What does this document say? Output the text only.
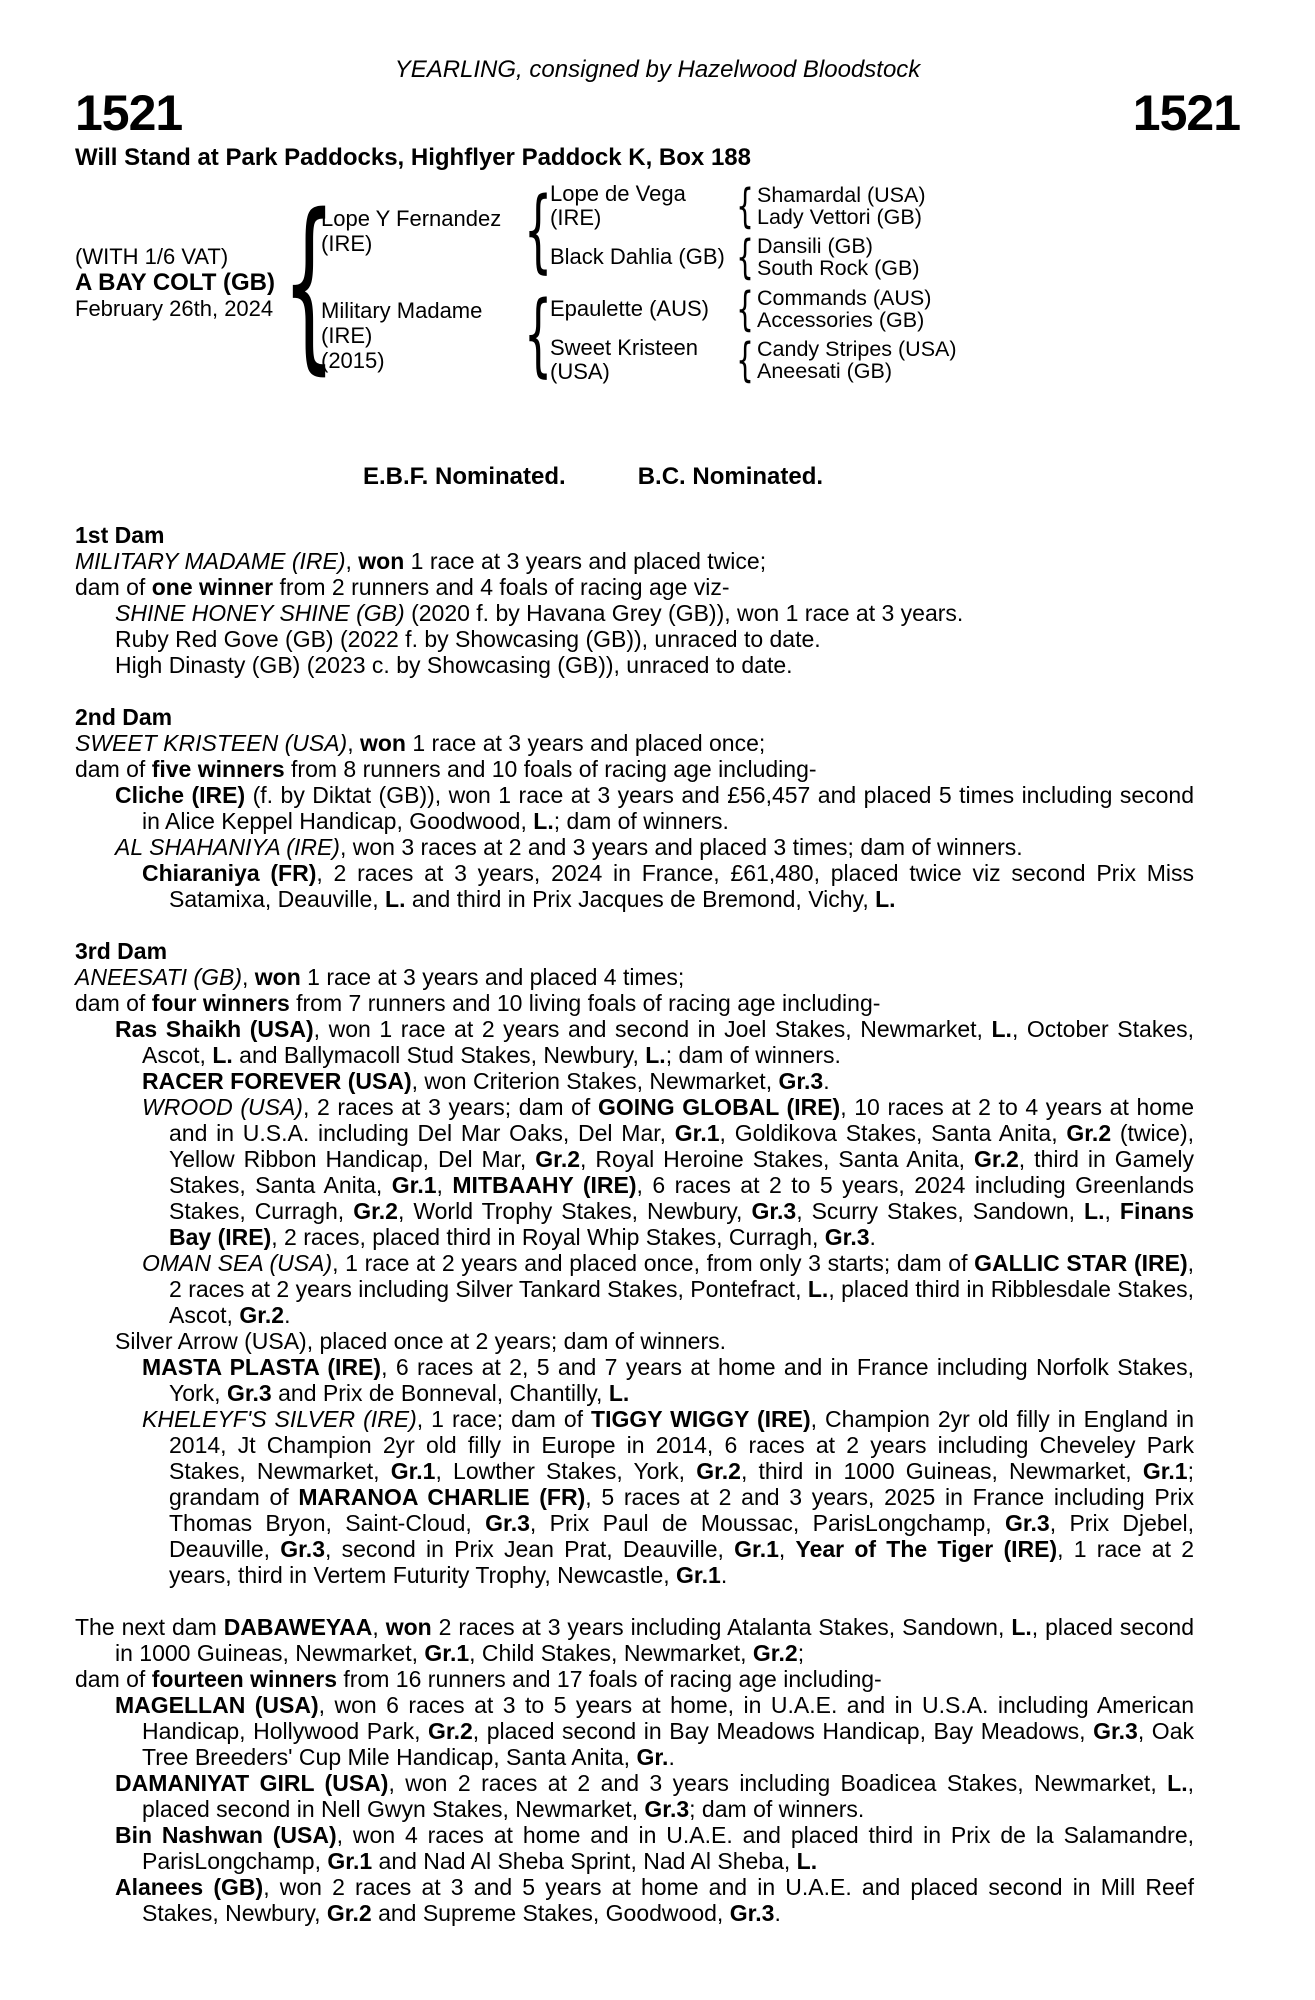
YEARLING, consigned by Hazelwood Bloodstock
1521	1521
Will Stand at Park Paddocks, Highflyer Paddock K, Box 188
(WITH 1/6 VAT)
A BAY COLT (GB)
February 26th, 2024 {
Lope Y Fernandez (IRE)	{
Lope de Vega (IRE)	{ Shamardal (USA)
Lady Vettori (GB)
Black Dahlia (GB) { Dansili (GB)
South Rock (GB)
Military Madame (IRE)
(2015)	{
Epaulette (AUS) { Commands (AUS)
Accessories (GB)
Sweet Kristeen (USA)	{ Candy Stripes (USA)
Aneesati (GB)
E.B.F. Nominated.	B.C. Nominated.
1st Dam

MILITARY MADAME (IRE), won 1 race at 3 years and placed twice;

dam of one winner from 2 runners and 4 foals of racing age viz-

SHINE HONEY SHINE (GB) (2020 f. by Havana Grey (GB)), won 1 race at 3 years.

Ruby Red Gove (GB) (2022 f. by Showcasing (GB)), unraced to date.

High Dinasty (GB) (2023 c. by Showcasing (GB)), unraced to date.

2nd Dam

SWEET KRISTEEN (USA), won 1 race at 3 years and placed once;

dam of five winners from 8 runners and 10 foals of racing age including-

Cliche (IRE) (f. by Diktat (GB)), won 1 race at 3 years and £56,457 and placed 5 times including second in Alice Keppel Handicap, Goodwood, L.; dam of winners.

AL SHAHANIYA (IRE), won 3 races at 2 and 3 years and placed 3 times; dam of winners.

Chiaraniya (FR), 2 races at 3 years, 2024 in France, £61,480, placed twice viz second Prix Miss Satamixa, Deauville, L. and third in Prix Jacques de Bremond, Vichy, L.

3rd Dam

ANEESATI (GB), won 1 race at 3 years and placed 4 times;

dam of four winners from 7 runners and 10 living foals of racing age including-

Ras Shaikh (USA), won 1 race at 2 years and second in Joel Stakes, Newmarket, L., October Stakes, Ascot, L. and Ballymacoll Stud Stakes, Newbury, L.; dam of winners.

RACER FOREVER (USA), won Criterion Stakes, Newmarket, Gr.3.

WROOD (USA), 2 races at 3 years; dam of GOING GLOBAL (IRE), 10 races at 2 to 4 years at home and in U.S.A. including Del Mar Oaks, Del Mar, Gr.1, Goldikova Stakes, Santa Anita, Gr.2 (twice), Yellow Ribbon Handicap, Del Mar, Gr.2, Royal Heroine Stakes, Santa Anita, Gr.2, third in Gamely Stakes, Santa Anita, Gr.1, MITBAAHY (IRE), 6 races at 2 to 5 years, 2024 including Greenlands Stakes, Curragh, Gr.2, World Trophy Stakes, Newbury, Gr.3, Scurry Stakes, Sandown, L., Finans Bay (IRE), 2 races, placed third in Royal Whip Stakes, Curragh, Gr.3.

OMAN SEA (USA), 1 race at 2 years and placed once, from only 3 starts; dam of GALLIC STAR (IRE), 2 races at 2 years including Silver Tankard Stakes, Pontefract, L., placed third in Ribblesdale Stakes, Ascot, Gr.2.

Silver Arrow (USA), placed once at 2 years; dam of winners.

MASTA PLASTA (IRE), 6 races at 2, 5 and 7 years at home and in France including Norfolk Stakes, York, Gr.3 and Prix de Bonneval, Chantilly, L.

KHELEYF'S SILVER (IRE), 1 race; dam of TIGGY WIGGY (IRE), Champion 2yr old filly in England in 2014, Jt Champion 2yr old filly in Europe in 2014, 6 races at 2 years including Cheveley Park Stakes, Newmarket, Gr.1, Lowther Stakes, York, Gr.2, third in 1000 Guineas, Newmarket, Gr.1; grandam of MARANOA CHARLIE (FR), 5 races at 2 and 3 years, 2025 in France including Prix Thomas Bryon, Saint-Cloud, Gr.3, Prix Paul de Moussac, ParisLongchamp, Gr.3, Prix Djebel, Deauville, Gr.3, second in Prix Jean Prat, Deauville, Gr.1, Year of The Tiger (IRE), 1 race at 2 years, third in Vertem Futurity Trophy, Newcastle, Gr.1.

The next dam DABAWEYAA, won 2 races at 3 years including Atalanta Stakes, Sandown, L., placed second in 1000 Guineas, Newmarket, Gr.1, Child Stakes, Newmarket, Gr.2;

dam of fourteen winners from 16 runners and 17 foals of racing age including-

MAGELLAN (USA), won 6 races at 3 to 5 years at home, in U.A.E. and in U.S.A. including American Handicap, Hollywood Park, Gr.2, placed second in Bay Meadows Handicap, Bay Meadows, Gr.3, Oak Tree Breeders' Cup Mile Handicap, Santa Anita, Gr..

DAMANIYAT GIRL (USA), won 2 races at 2 and 3 years including Boadicea Stakes, Newmarket, L., placed second in Nell Gwyn Stakes, Newmarket, Gr.3; dam of winners.

Bin Nashwan (USA), won 4 races at home and in U.A.E. and placed third in Prix de la Salamandre, ParisLongchamp, Gr.1 and Nad Al Sheba Sprint, Nad Al Sheba, L.

Alanees (GB), won 2 races at 3 and 5 years at home and in U.A.E. and placed second in Mill Reef Stakes, Newbury, Gr.2 and Supreme Stakes, Goodwood, Gr.3.
